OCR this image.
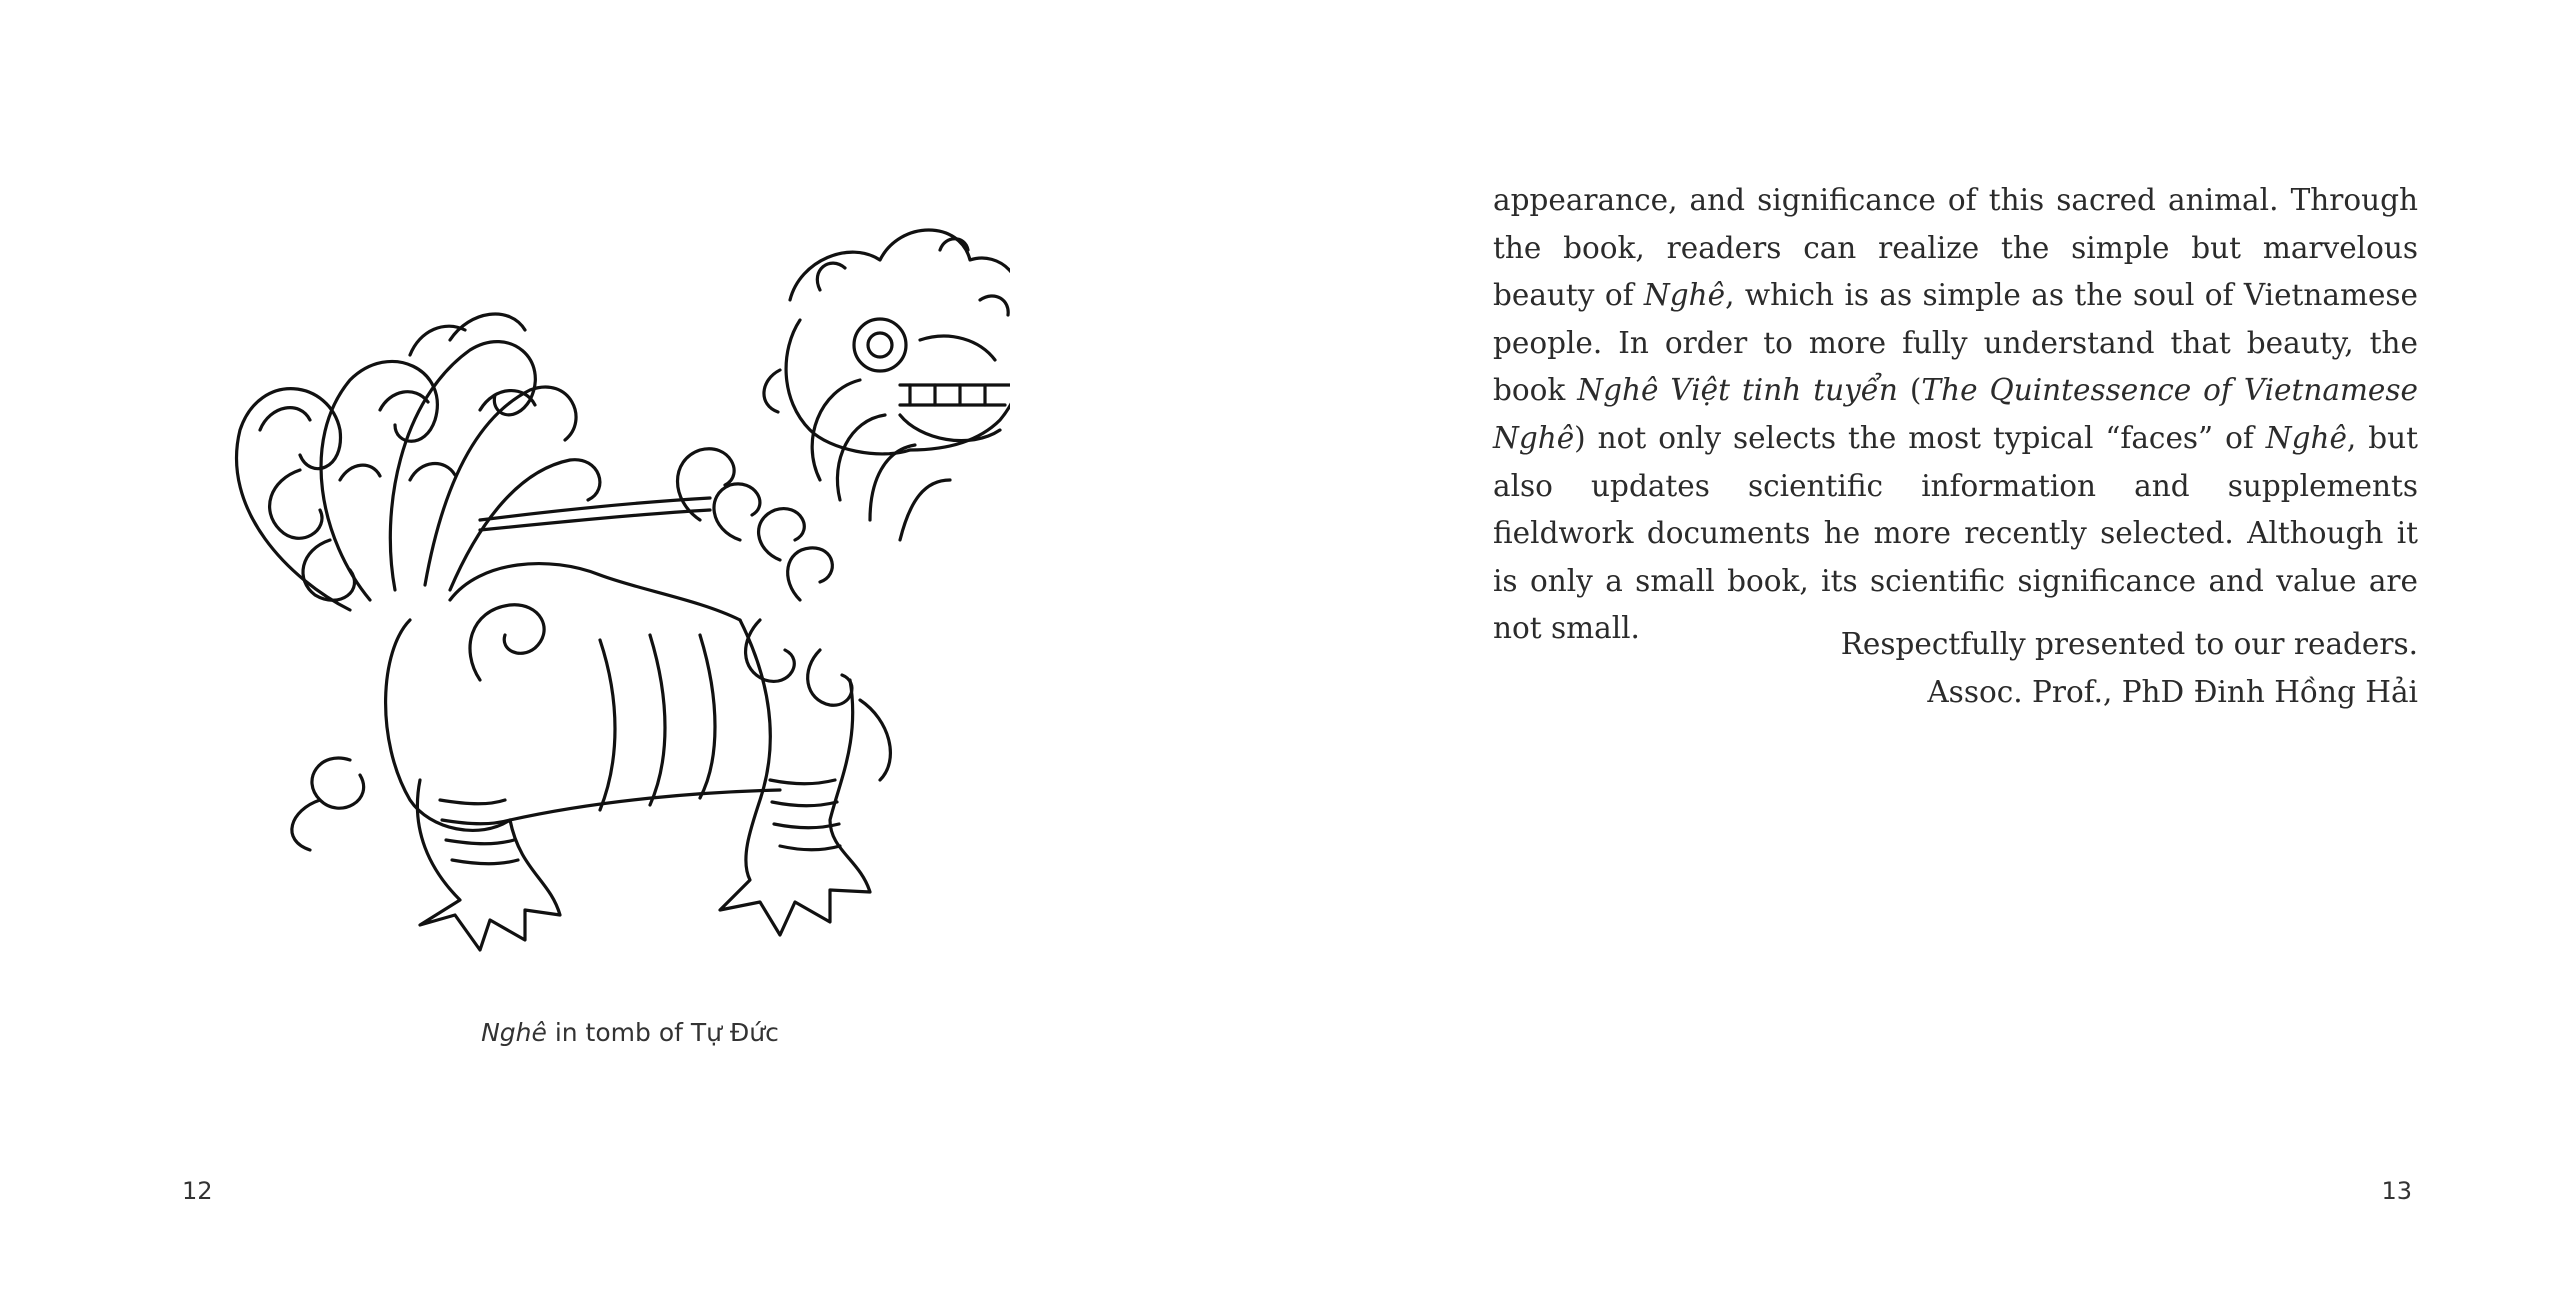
Nghê in tomb of Tự Đức
12
appearance, and significance of this sacred animal. Through the book, readers can realize the simple but marvelous beauty of Nghê, which is as simple as the soul of Vietnamese people. In order to more fully understand that beauty, the book Nghê Việt tinh tuyển (The Quintessence of Vietnamese Nghê) not only selects the most typical “faces” of Nghê, but also updates scientific information and supplements fieldwork documents he more recently selected. Although it is only a small book, its scientific significance and value are not small.	Respectfully presented to our readers.
Assoc. Prof., PhD Đinh Hồng Hải
13
